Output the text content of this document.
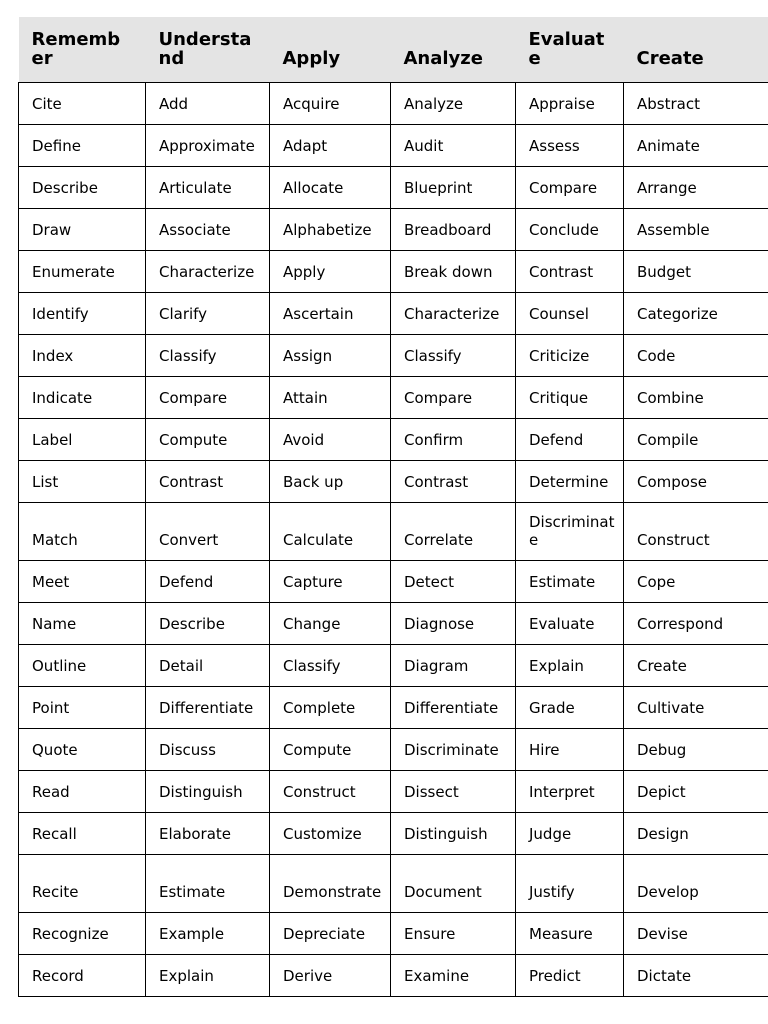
Rememb er	Understa nd	Apply	Analyze	Evaluat e	Create
Cite	Add	Acquire	Analyze	Appraise	Abstract
Define	Approximate	Adapt	Audit	Assess	Animate
Describe	Articulate	Allocate	Blueprint	Compare	Arrange
Draw	Associate	Alphabetize	Breadboard	Conclude	Assemble
Enumerate	Characterize	Apply	Break down	Contrast	Budget
Identify	Clarify	Ascertain	Characterize	Counsel	Categorize
Index	Classify	Assign	Classify	Criticize	Code
Indicate	Compare	Attain	Compare	Critique	Combine
Label	Compute	Avoid	Confirm	Defend	Compile
List	Contrast	Back up	Contrast	Determine	Compose
Match	Convert	Calculate	Correlate	Discriminate	Construct
Meet	Defend	Capture	Detect	Estimate	Cope
Name	Describe	Change	Diagnose	Evaluate	Correspond
Outline	Detail	Classify	Diagram	Explain	Create
Point	Differentiate	Complete	Differentiate	Grade	Cultivate
Quote	Discuss	Compute	Discriminate	Hire	Debug
Read	Distinguish	Construct	Dissect	Interpret	Depict
Recall	Elaborate	Customize	Distinguish	Judge	Design
Recite	Estimate	Demonstrate	Document	Justify	Develop
Recognize	Example	Depreciate	Ensure	Measure	Devise
Record	Explain	Derive	Examine	Predict	Dictate
